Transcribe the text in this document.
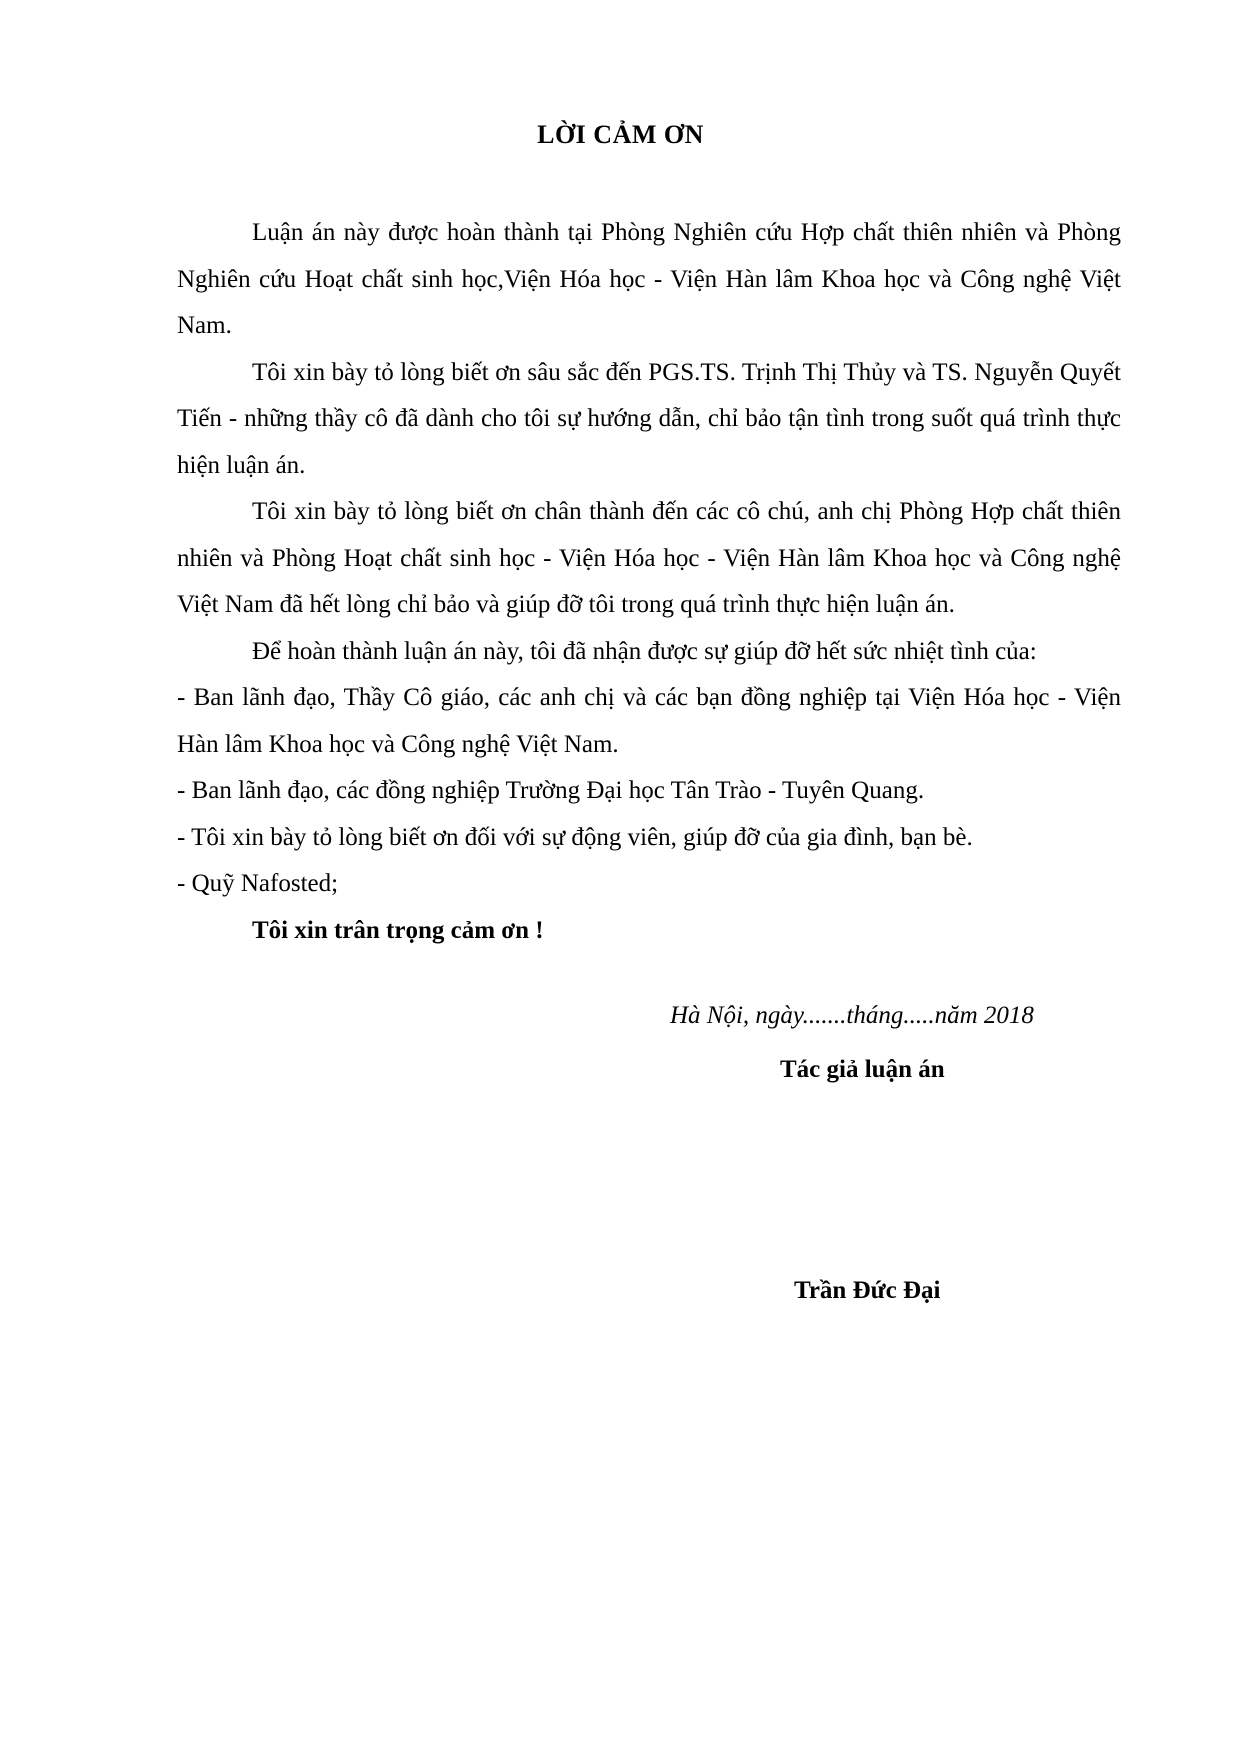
LỜI CẢM ƠN

Luận án này được hoàn thành tại Phòng Nghiên cứu Hợp chất thiên nhiên và Phòng Nghiên cứu Hoạt chất sinh học,Viện Hóa học - Viện Hàn lâm Khoa học và Công nghệ Việt Nam.

Tôi xin bày tỏ lòng biết ơn sâu sắc đến PGS.TS. Trịnh Thị Thủy và TS. Nguyễn Quyết Tiến - những thầy cô đã dành cho tôi sự hướng dẫn, chỉ bảo tận tình trong suốt quá trình thực hiện luận án.

Tôi xin bày tỏ lòng biết ơn chân thành đến các cô chú, anh chị Phòng Hợp chất thiên nhiên và Phòng Hoạt chất sinh học - Viện Hóa học - Viện Hàn lâm Khoa học và Công nghệ Việt Nam đã hết lòng chỉ bảo và giúp đỡ tôi trong quá trình thực hiện luận án.

Để hoàn thành luận án này, tôi đã nhận được sự giúp đỡ hết sức nhiệt tình của:

- Ban lãnh đạo, Thầy Cô giáo, các anh chị và các bạn đồng nghiệp tại Viện Hóa học - Viện Hàn lâm Khoa học và Công nghệ Việt Nam.

- Ban lãnh đạo, các đồng nghiệp Trường Đại học Tân Trào - Tuyên Quang.

- Tôi xin bày tỏ lòng biết ơn đối với sự động viên, giúp đỡ của gia đình, bạn bè.

- Quỹ Nafosted;

Tôi xin trân trọng cảm ơn !

Hà Nội, ngày.......tháng.....năm 2018
Tác giả luận án
Trần Đức Đại
